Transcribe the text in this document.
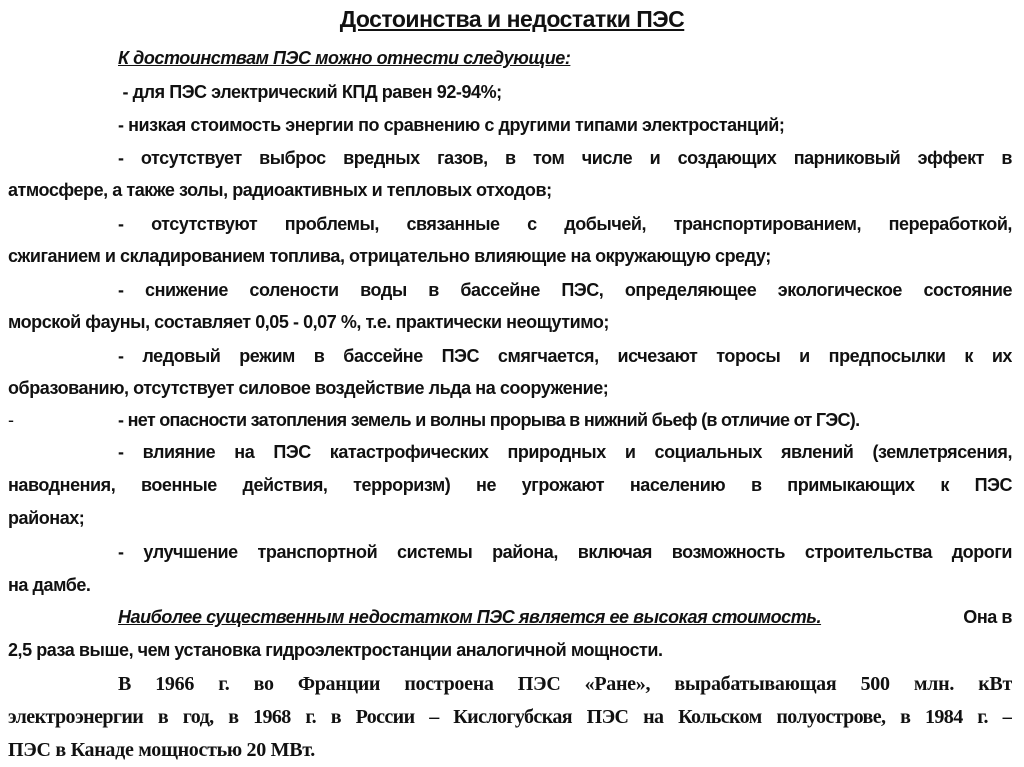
Достоинства и недостатки ПЭС
К достоинствам ПЭС можно отнести следующие:
- для ПЭС электрический КПД равен 92-94%;
- низкая стоимость энергии по сравнению с другими типами электростанций;
- отсутствует выброс вредных газов, в том числе и создающих парниковый эффект в
атмосфере, а также золы, радиоактивных и тепловых отходов;
- отсутствуют проблемы, связанные с добычей, транспортированием, переработкой,
сжиганием и складированием топлива, отрицательно влияющие на окружающую среду;
- снижение солености воды в бассейне ПЭС, определяющее экологическое состояние
морской фауны, составляет 0,05 - 0,07 %, т.е. практически неощутимо;
- ледовый режим в бассейне ПЭС смягчается, исчезают торосы и предпосылки к их
образованию, отсутствует силовое воздействие льда на сооружение;
-	- нет опасности затопления земель и волны прорыва в нижний бьеф (в отличие от ГЭС).
- влияние на ПЭС катастрофических природных и социальных явлений (землетрясения,
наводнения, военные действия, терроризм) не угрожают населению в примыкающих к ПЭС
районах;
- улучшение транспортной системы района, включая возможность строительства дороги
на дамбе.
Наиболее существенным недостатком ПЭС является ее высокая стоимость.	Она в
2,5 раза выше, чем установка гидроэлектростанции аналогичной мощности.
В 1966 г. во Франции построена ПЭС «Ране», вырабатывающая 500 млн. кВт
электроэнергии в год, в 1968 г. в России – Кислогубская ПЭС на Кольском полуострове, в 1984 г. –
ПЭС в Канаде мощностью 20 МВт.
